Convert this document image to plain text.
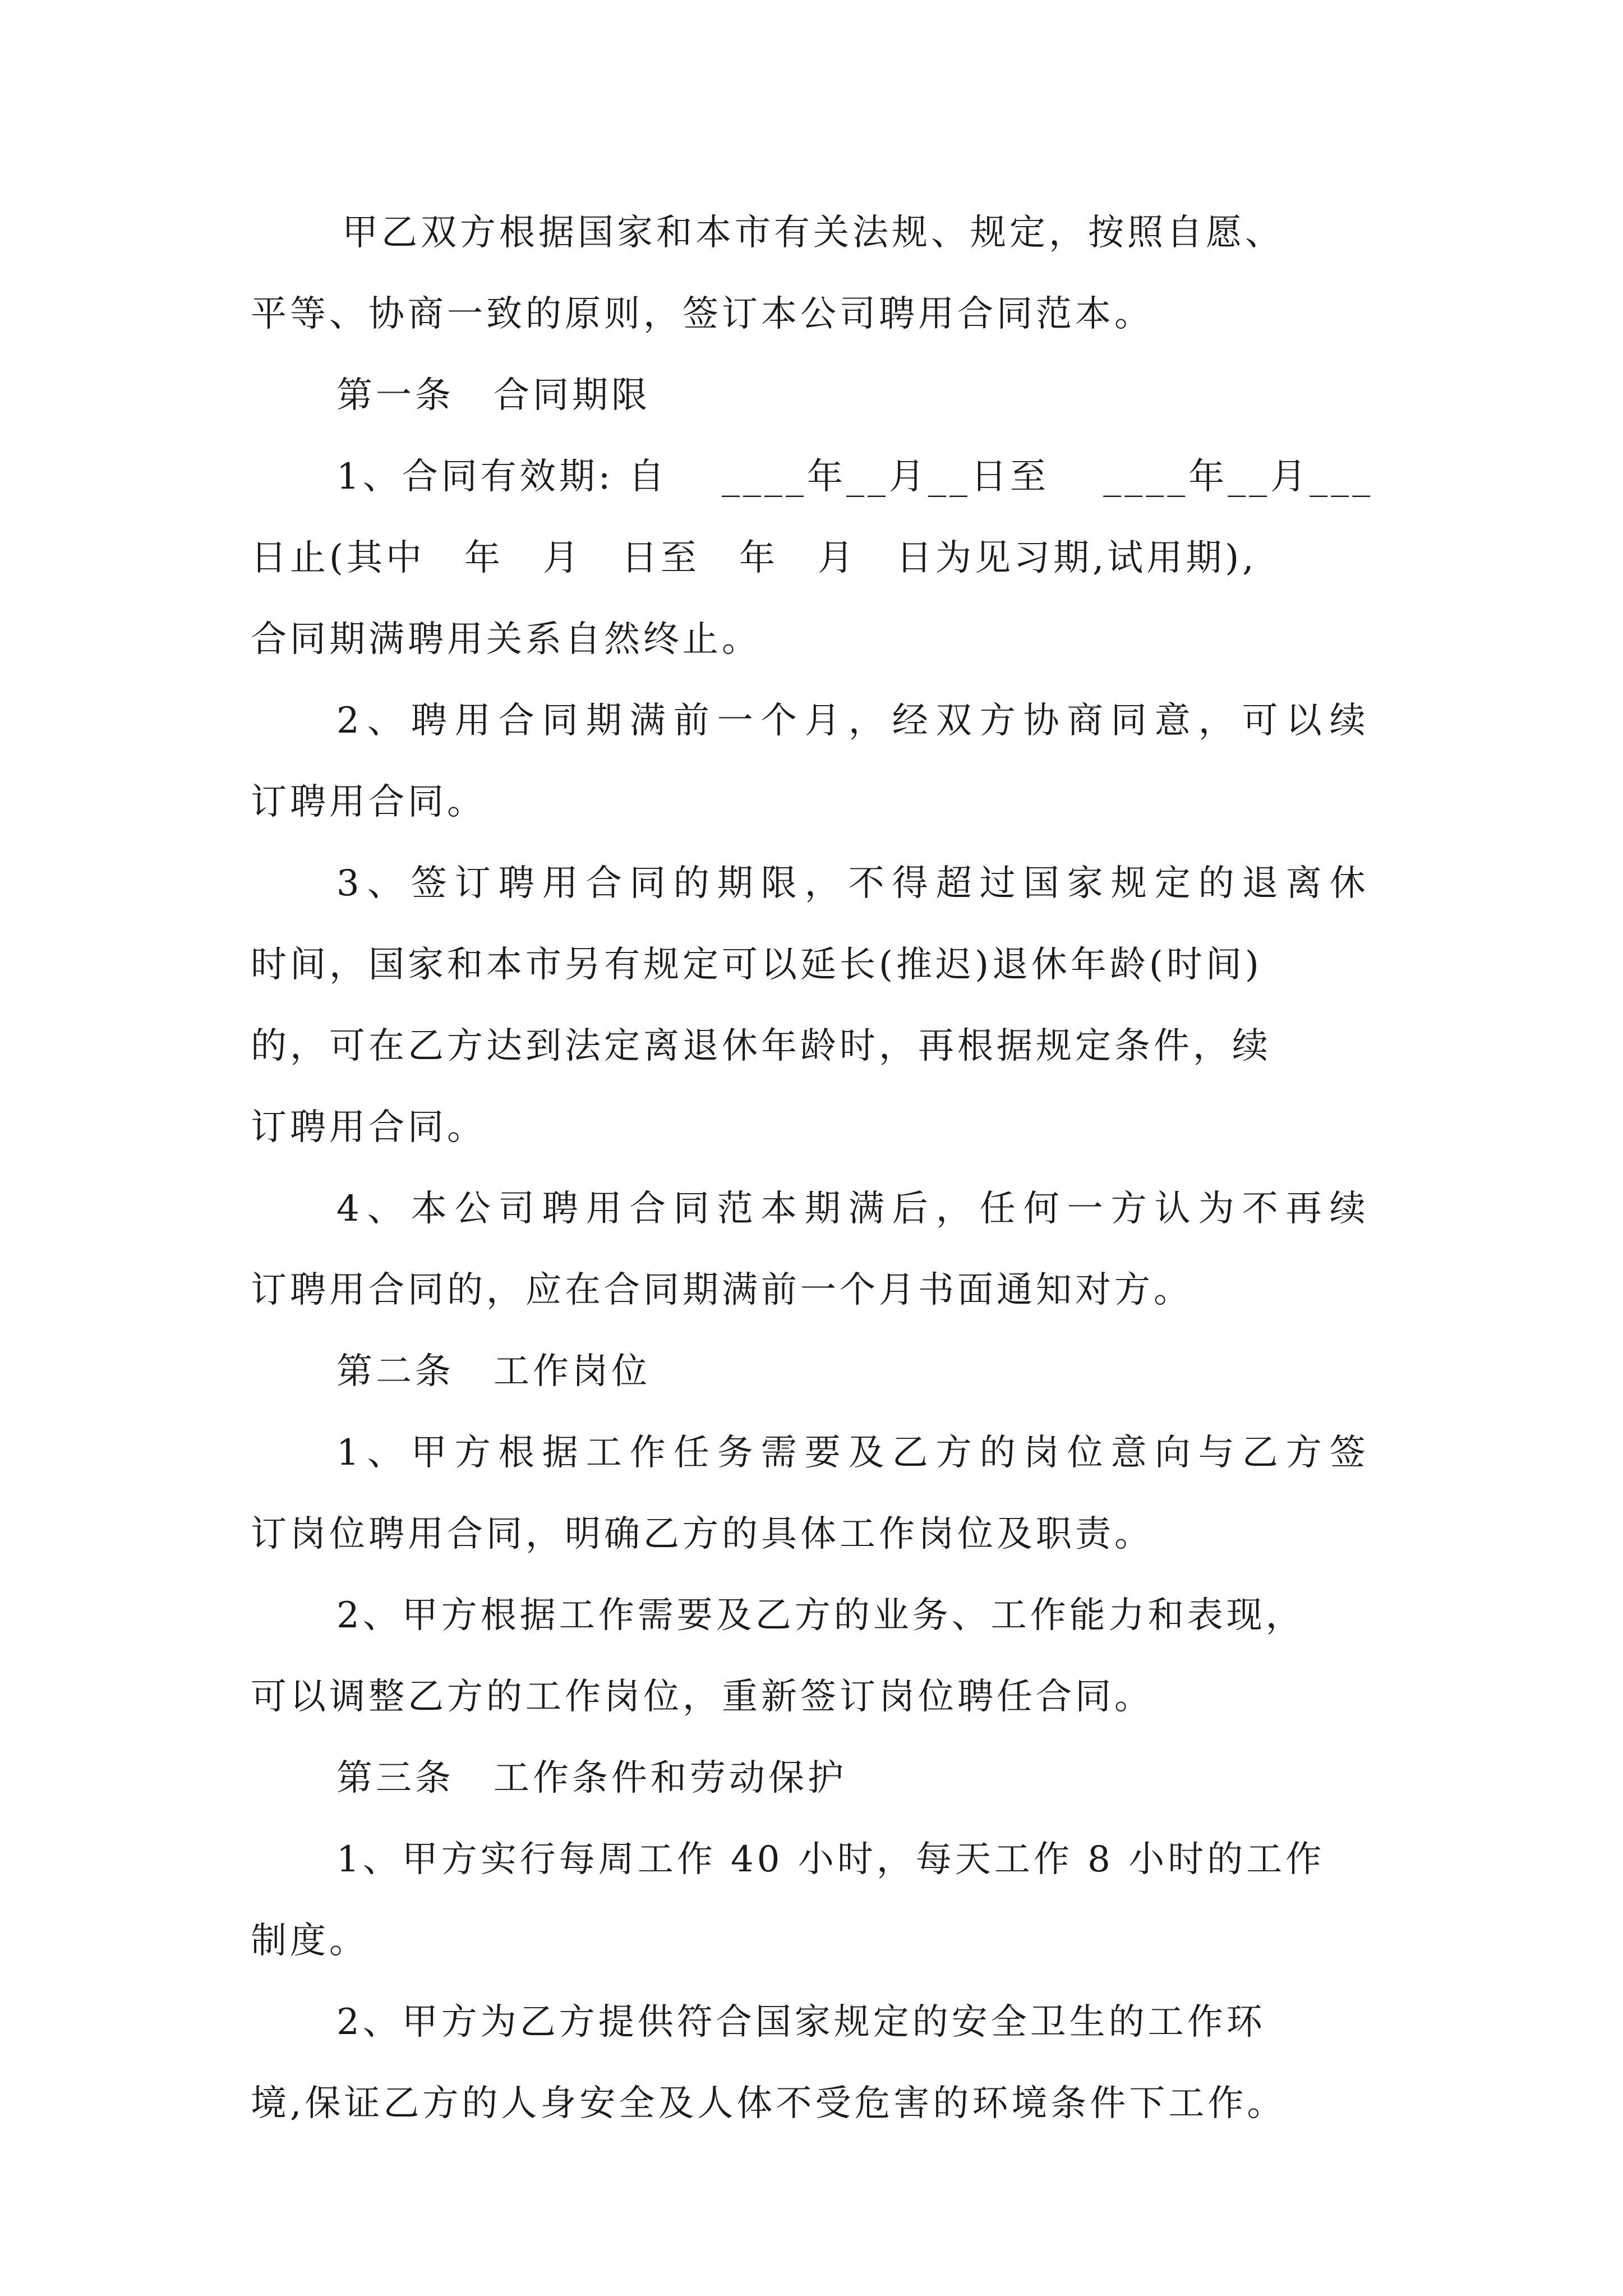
甲乙双方根据国家和本市有关法规、规定，按照自愿、

平等、协商一致的原则，签订本公司聘用合同范本。

第一条　合同期限

1、合同有效期: 自　 ____年__月__日至　 ____年__月___

日止(其中　年　月　日至　年　月　日为见习期,试用期),

合同期满聘用关系自然终止。

2、聘用合同期满前一个月，经双方协商同意，可以续

订聘用合同。

3、签订聘用合同的期限，不得超过国家规定的退离休

时间，国家和本市另有规定可以延长(推迟)退休年龄(时间)

的，可在乙方达到法定离退休年龄时，再根据规定条件，续

订聘用合同。

4、本公司聘用合同范本期满后，任何一方认为不再续

订聘用合同的，应在合同期满前一个月书面通知对方。

第二条　工作岗位

1、甲方根据工作任务需要及乙方的岗位意向与乙方签

订岗位聘用合同，明确乙方的具体工作岗位及职责。

2、甲方根据工作需要及乙方的业务、工作能力和表现，

可以调整乙方的工作岗位，重新签订岗位聘任合同。

第三条　工作条件和劳动保护

1、甲方实行每周工作 40 小时，每天工作 8 小时的工作

制度。

2、甲方为乙方提供符合国家规定的安全卫生的工作环

境,保证乙方的人身安全及人体不受危害的环境条件下工作。
